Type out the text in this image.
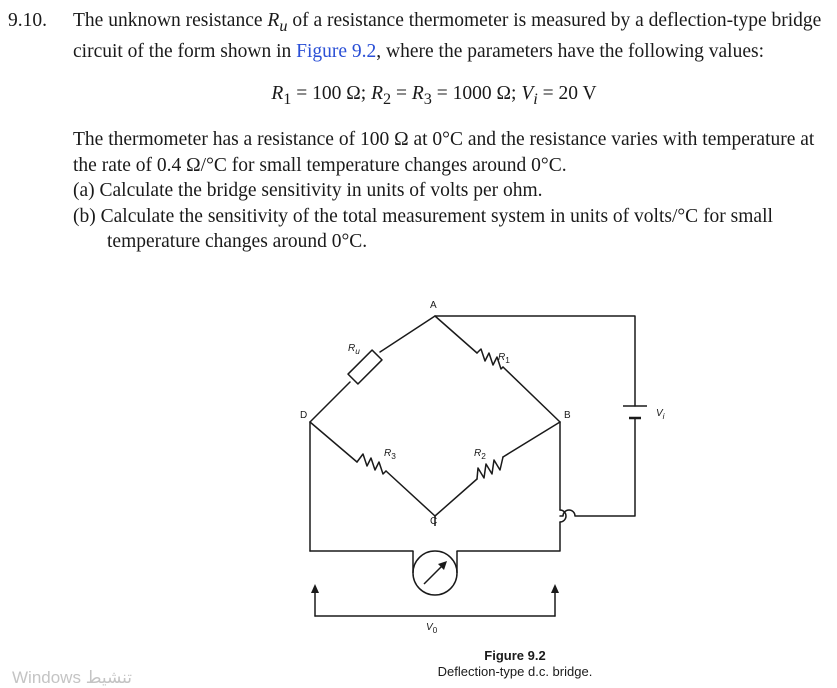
9.10. The unknown resistance $R_u$ of a resistance thermometer is measured by a deflection-type bridge circuit of the form shown in Figure 9.2, where the parameters have the following values:

$R_1 = 100$ Ω; $R_2 = R_3 = 1000$ Ω; $V_i = 20$ V

The thermometer has a resistance of 100 Ω at 0°C and the resistance varies with temperature at the rate of 0.4 Ω/°C for small temperature changes around 0°C.

(a) Calculate the bridge sensitivity in units of volts per ohm.

(b) Calculate the sensitivity of the total measurement system in units of volts/°C for small temperature changes around 0°C.

A
B
C
D
$R_u$
$R_1$
$R_3$	$R_2$
$V_i$
$V_0$
Figure 9.2
Deflection-type d.c. bridge.
Windows تنشيط
